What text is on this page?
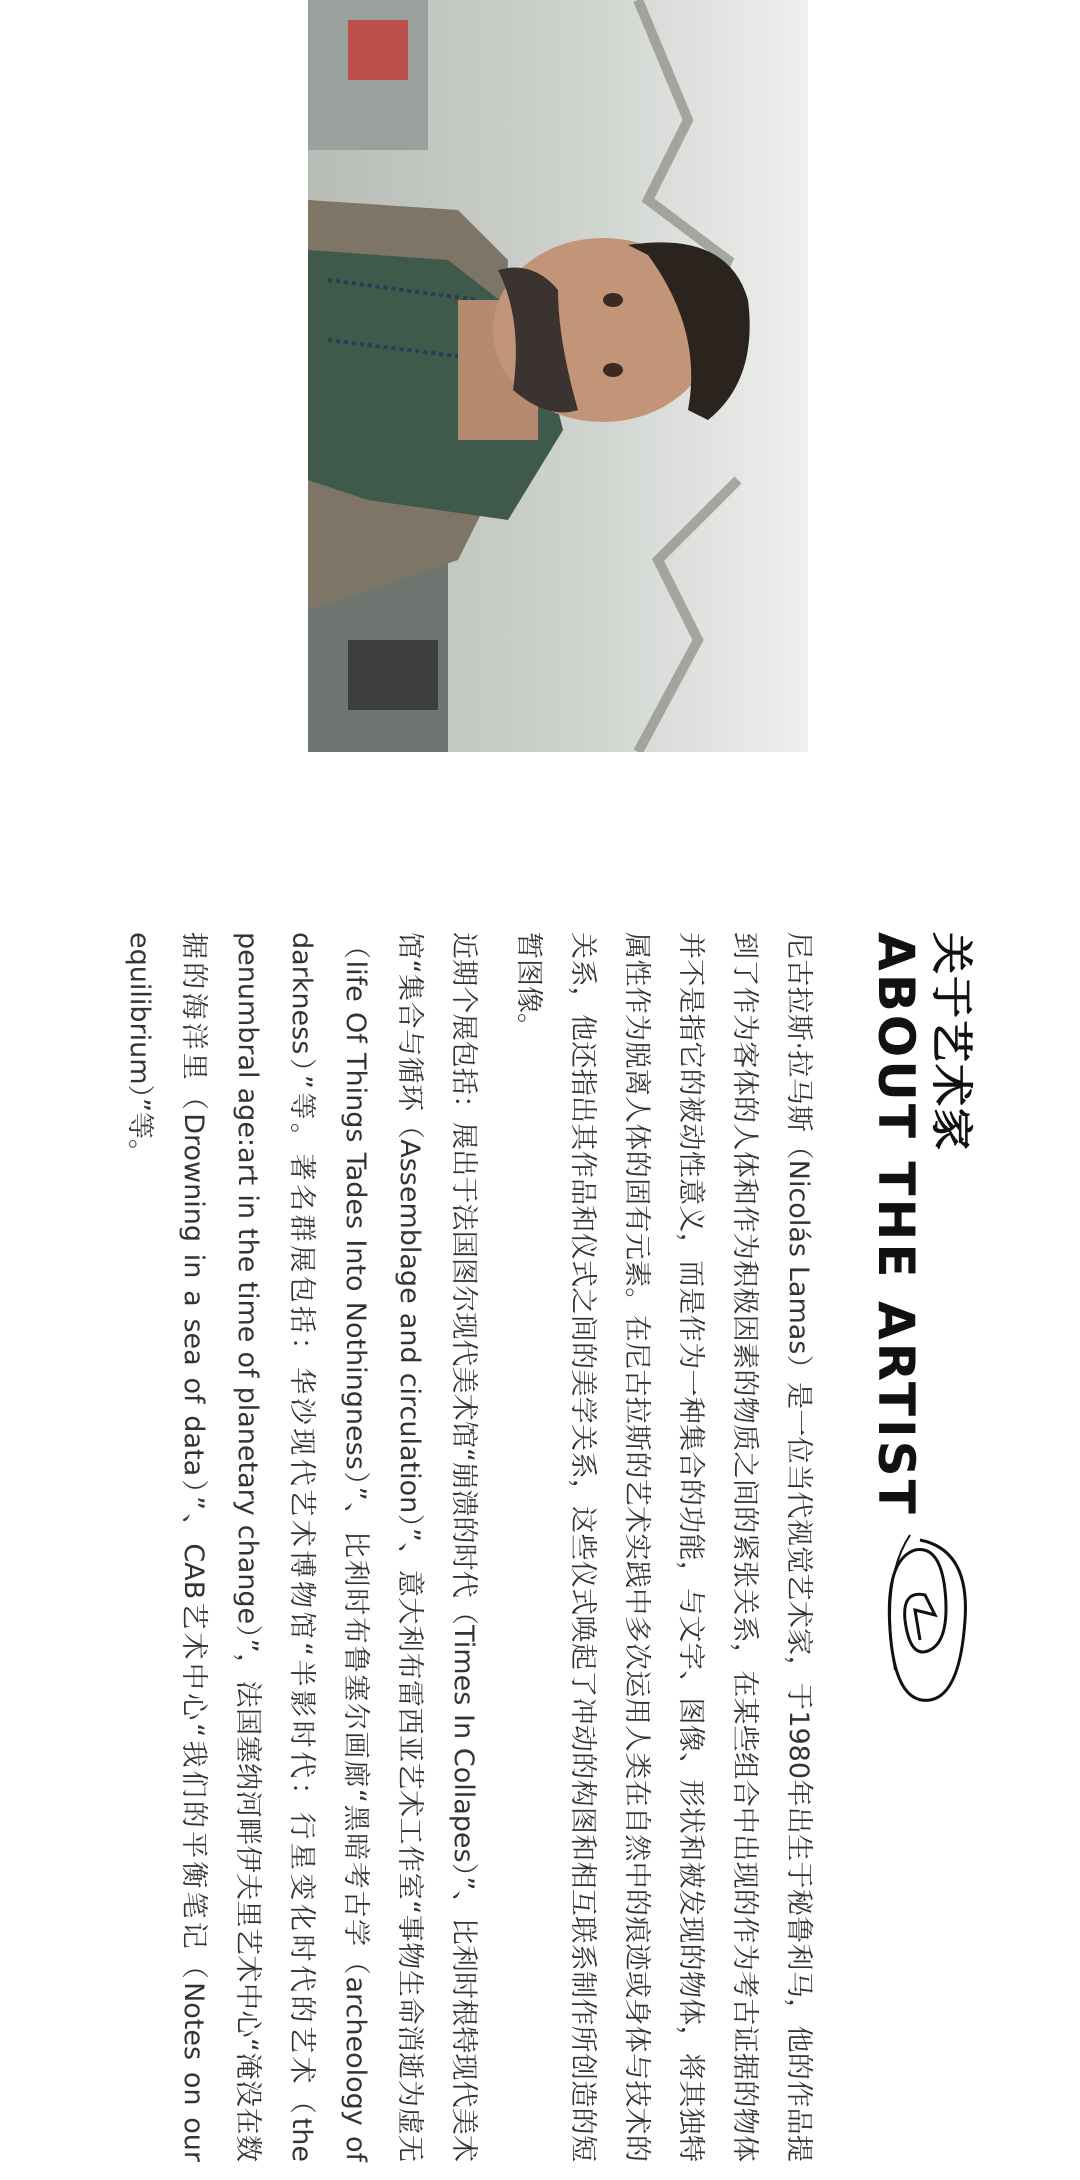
关于艺术家
ABOUT THE ARTIST

尼古拉斯·拉马斯（Nicolás Lamas）是一位当代视觉艺术家，于1980年出生于秘鲁利马，他的作品提到了作为客体的人体和作为积极因素的物质之间的紧张关系，在某些组合中出现的作为考古证据的物体并不是指它的被动性意义，而是作为一种集合的功能，与文字、图像、形状和被发现的物体，将其独特属性作为脱离人体的固有元素。在尼古拉斯的艺术实践中多次运用人类在自然中的痕迹或身体与技术的关系，他还指出其作品和仪式之间的美学关系，这些仪式唤起了冲动的构图和相互联系制作所创造的短暂图像。

近期个展包括：展出于法国图尔现代美术馆“崩溃的时代（Times In Collapes）”、比利时根特现代美术馆“集合与循环（Assemblage and circulation）”、意大利布雷西亚艺术工作室“事物生命消逝为虚无（life Of Things Tades Into Nothingness）”、比利时布鲁塞尔画廊“黑暗考古学（archeology of darkness）”等。著名群展包括：华沙现代艺术博物馆“半影时代：行星变化时代的艺术（the penumbral age:art in the time of planetary change）”，法国塞纳河畔伊夫里艺术中心“淹没在数据的海洋里（Drowning in a sea of data）”、CAB艺术中心“我们的平衡笔记（Notes on our equilibrium）”等。
